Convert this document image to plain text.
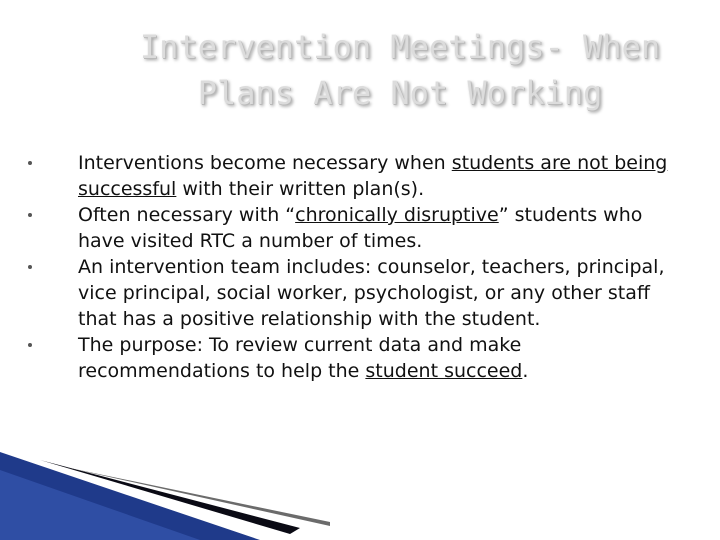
Intervention Meetings- When
Plans Are Not Working
Interventions become necessary when students are not being successful with their written plan(s).
Often necessary with “chronically disruptive” students who have visited RTC a number of times.
An intervention team includes: counselor, teachers, principal, vice principal, social worker, psychologist, or any other staff that has a positive relationship with the student.
The purpose: To review current data and make recommendations to help the student succeed.
